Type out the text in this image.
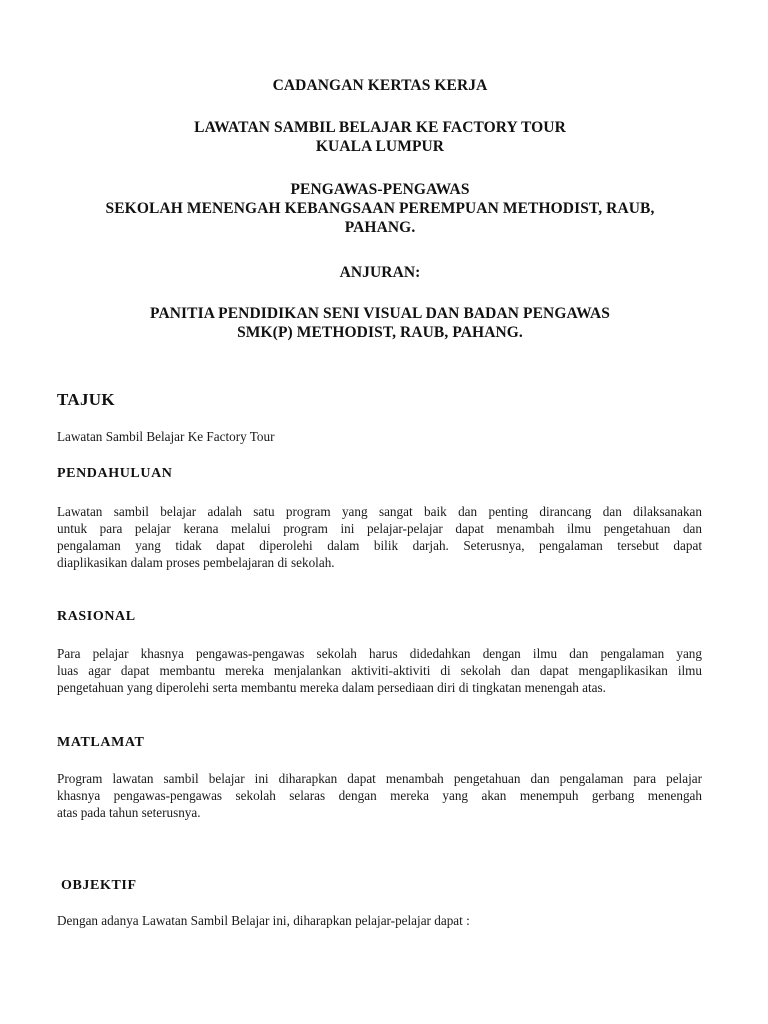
CADANGAN KERTAS KERJA
LAWATAN SAMBIL BELAJAR KE FACTORY TOUR
KUALA LUMPUR
PENGAWAS-PENGAWAS
SEKOLAH MENENGAH KEBANGSAAN PEREMPUAN METHODIST, RAUB,
PAHANG.
ANJURAN:
PANITIA PENDIDIKAN SENI VISUAL DAN BADAN PENGAWAS
SMK(P) METHODIST, RAUB, PAHANG.
TAJUK
Lawatan Sambil Belajar Ke Factory Tour
PENDAHULUAN
Lawatan sambil belajar adalah satu program yang sangat baik dan penting dirancang dan dilaksanakan
untuk para pelajar kerana melalui program ini pelajar-pelajar dapat menambah ilmu pengetahuan dan
pengalaman yang tidak dapat diperolehi dalam bilik darjah. Seterusnya, pengalaman tersebut dapat
diaplikasikan dalam proses pembelajaran di sekolah.
RASIONAL
Para pelajar khasnya pengawas-pengawas sekolah harus didedahkan dengan ilmu dan pengalaman yang
luas agar dapat membantu mereka menjalankan aktiviti-aktiviti di sekolah dan dapat mengaplikasikan ilmu
pengetahuan yang diperolehi serta membantu mereka dalam persediaan diri di tingkatan menengah atas.
MATLAMAT
Program lawatan sambil belajar ini diharapkan dapat menambah pengetahuan dan pengalaman para pelajar
khasnya pengawas-pengawas sekolah selaras dengan mereka yang akan menempuh gerbang menengah
atas pada tahun seterusnya.
OBJEKTIF
Dengan adanya Lawatan Sambil Belajar ini, diharapkan pelajar-pelajar dapat :
